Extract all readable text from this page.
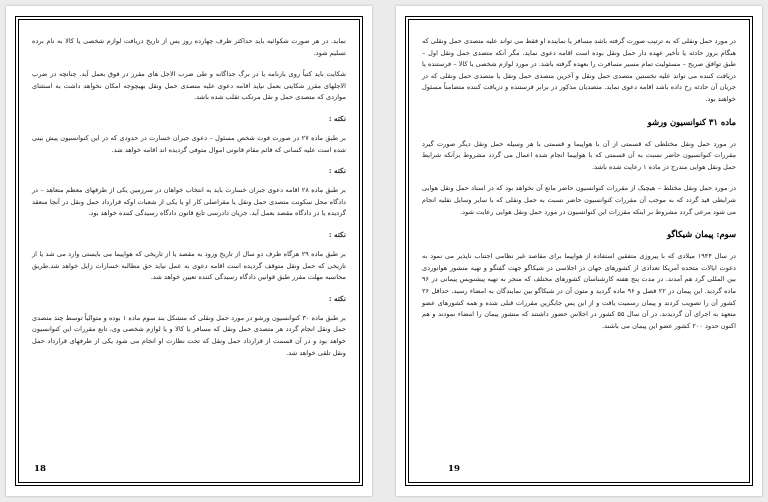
نماید. در هر صورت شکوائیه باید حداکثر ظرف چهارده روز پس از تاریخ دریافت لوازم شخصی یا کالا به نام برده تسلیم شود.

شکایت باید کتباً روی بارنامه یا در برگ جداگانه و طی ضرب الاجل های مقرر در فوق بعمل آید. چنانچه در ضرب الاجلهای مقرر شکایتی بعمل نیاید اقامه دعوی علیه متصدی حمل ونقل بهیچوجه امکان نخواهد داشت به استثنای مواردی که متصدی حمل و نقل مرتکب تقلب شده باشد.

نکته :

بر طبق ماده ۲۷ در صورت فوت شخص مسئول – دعوی جبران خسارت در حدودی که در این کنوانسیون پیش بینی شده است علیه کسانی که قائم مقام قانونی اموال متوفی گردیده اند اقامه خواهد شد.

نکته :

بر طبق ماده ۲۸ اقامه دعوی جبران خسارت باید به انتخاب خواهان در سرزمین یکی از طرفهای معظم متعاهد – در دادگاه محل سکونت متصدی حمل ونقل یا مقراصلی کار او یا یکی از شعبات اوکه قرارداد حمل ونقل در آنجا منعقد گردیده یا در دادگاه مقصد بعمل آید. جریان دادرسی تابع قانون دادگاه رسیدگی کننده خواهد بود.

نکته :

بر طبق ماده ۲۹ هرگاه ظرف دو سال از تاریخ ورود به مقصد یا از تاریخی که هواپیما می بایستی وارد می شد یا از تاریخی که حمل ونقل متوقف گردیده است اقامه دعوی به عمل نیاید حق مطالبه خسارات زایل خواهد شد.طریق محاسبه مهلت مقرر طبق قوانین دادگاه رسیدگی کننده تعیین خواهد شد.

نکته :

بر طبق ماده ۳۰ کنوانسیون ورشو در مورد حمل ونقلی که متشکل بند سوم ماده ۱ بوده و متوالیاً توسط چند متصدی حمل ونقل انجام گردد هر متصدی حمل ونقل که مسافر یا کالا و یا لوازم شخصی وی، تابع مقررات این کنوانسیون خواهد بود و در آن قسمت از قرارداد حمل ونقل که تحت نظارت او انجام می شود یکی از طرفهای قرارداد حمل ونقل تلقی خواهد شد.

18

در مورد حمل ونقلی که به ترتیب صورت گرفته باشد مسافر یا نماینده او فقط می تواند علیه متصدی حمل ونقلی که هنگام بروز حادثه یا تأخیر عهده دار حمل ونقل بوده است اقامه دعوی نماید، مگر آنکه متصدی حمل ونقل اول – طبق توافق صریح – مسئولیت تمام مسیر مسافرت را بعهده گرفته باشد. در مورد لوازم شخصی یا کالا – فرستنده یا دریافت کننده می تواند علیه نخستین متصدی حمل ونقل و آخرین متصدی حمل ونقل یا متصدی حمل ونقلی که در جریان آن حادثه رخ داده باشد اقامه دعوی نماید. متصدیان مذکور در برابر فرستنده و دریافت کننده متضامناً مسئول خواهند بود.

ماده ۳۱ کنوانسیون ورشو

در مورد حمل ونقل مختلطی که قسمتی از آن با هواپیما و قسمتی با هر وسیله حمل ونقل دیگر صورت گیرد مقررات کنوانسیون حاضر نسبت به آن قسمتی که با هواپیما انجام شده اعمال می گردد مشروط برآنکه شرایط حمل ونقل هوایی مندرج در ماده ۱ رعایت شده باشد.

در مورد حمل ونقل مختلط – هیچیک از مقررات کنوانسیون حاضر مانع آن نخواهد بود که در اسناد حمل ونقل هوایی شرایطی قید گردد که به موجب آن مقررات کنوانسیون حاضر نسبت به حمل ونقلی که با سایر وسایل نقلیه انجام می شود مرعی گردد مشروط بر اینکه مقررات این کنوانسیون در مورد حمل ونقل هوایی رعایت شود.

سوم: پیمان شیکاگو

در سال ۱۹۴۴ میلادی که با پیروزی متفقین استفاده از هواپیما برای مقاصد غیر نظامی اجتناب ناپذیر می نمود به دعوت ایالات متحده آمریکا تعدادی از کشورهای جهان در اجلاسی در شیکاگو جهت گفتگو و تهیه منشور هوانوردی بین المللی گرد هم آمدند. در مدت پنج هفته کارشناسان کشورهای مختلف که منجر به تهیه پیشنویس پیمانی در ۹۶ ماده گردید. این پیمان در ۲۲ فصل و ۹۶ ماده گردید و متون آن در شیکاگو بین نمایندگان به امضاء رسید. حداقل ۲۶ کشور آن را تصویب کردند و پیمان رسمیت یافت و از این پس جایگزین مقررات قبلی شده و همه کشورهای عضو متعهد به اجرای آن گردیدند. در آن سال ۵۵ کشور در اجلاس حضور داشتند که منشور پیمان را امضاء نمودند و هم اکنون حدود ۲۰۰ کشور عضو این پیمان می باشند.

19
